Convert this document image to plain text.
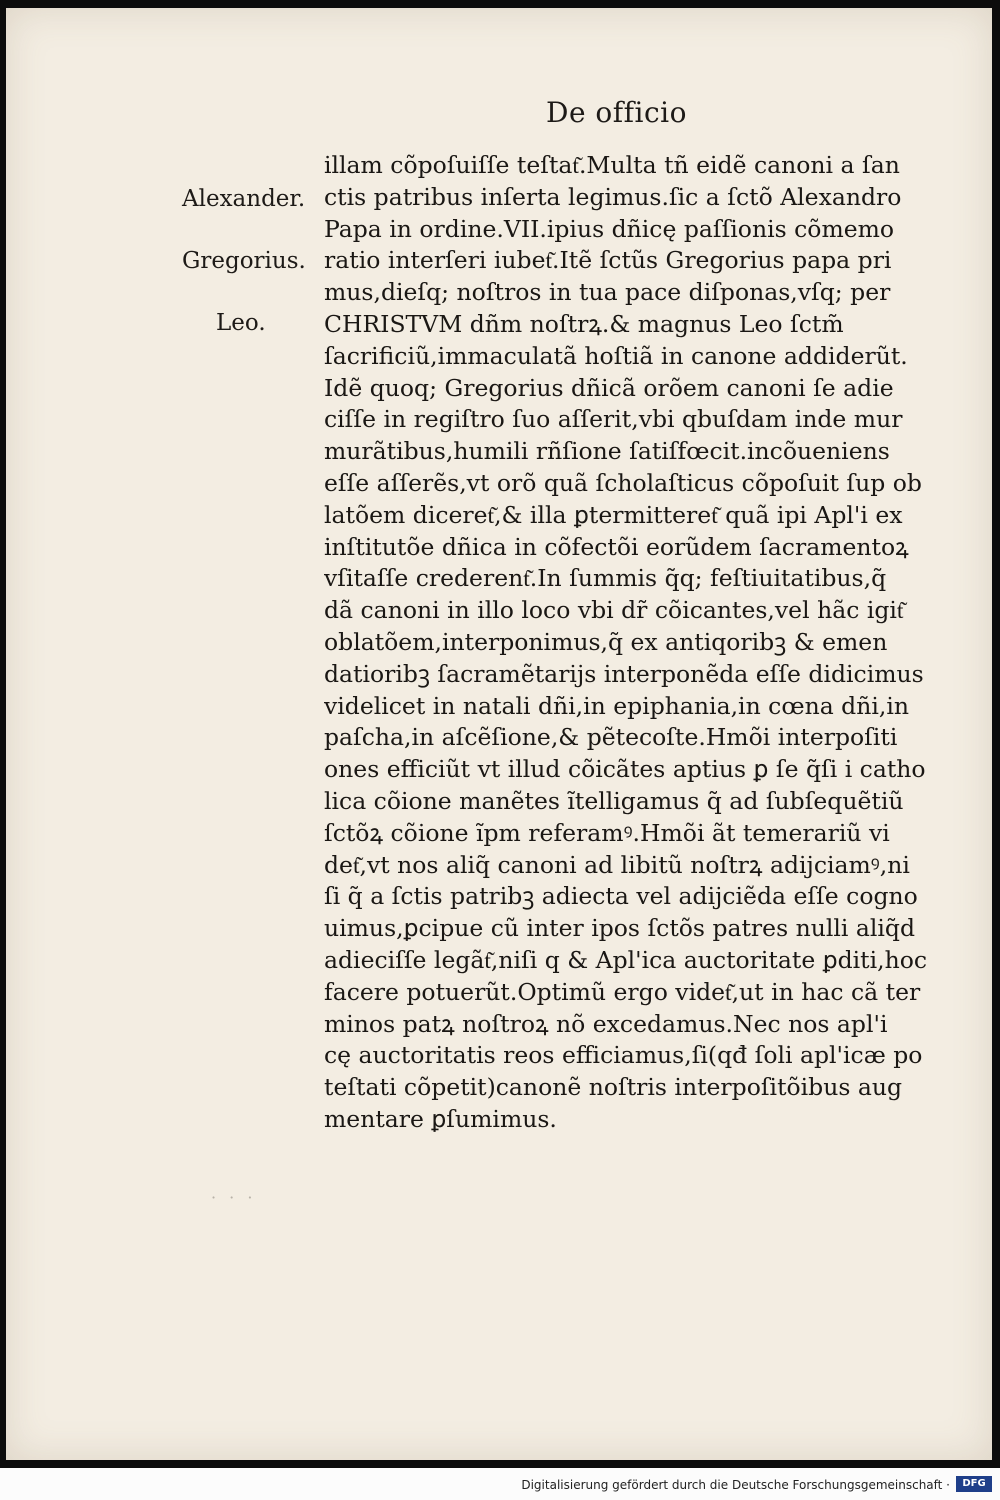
De officio

Alexander.

Gregorius.

Leo.

illam cõpoſuiſſe teſtat͂.Multa tñ eidẽ canoni a ſan
ctis patribus inſerta legimus.ſic a ſctõ Alexandro
Papa in ordine.VII.ipius dñicę paſſionis cõmemo
ratio interſeri iubet͂.Itẽ ſctũs Gregorius papa pri
mus,dieſq; noſtros in tua pace diſponas,vſq; per
CHRISTVM dñm noſtrꝝ.& magnus Leo ſctm̃
ſacrificiũ,immaculatã hoſtiã in canone addiderũt.
Idẽ quoq; Gregorius dñicã orõem canoni ſe adie
ciſſe in regiſtro ſuo aſſerit,vbi qbuſdam inde mur
murãtibus,humili rñſione ſatiſfœcit.incõueniens
eſſe aſſerẽs,vt orõ quã ſcholaſticus cõpoſuit ſup ob
latõem diceret͂,& illa ꝑtermitteret͂ quã ipi Apl'i ex
inſtitutõe dñica in cõfectõi eorũdem ſacramentoꝝ
vſitaſſe crederent͂.In ſummis q̃q; feſtiuitatibus,q̃
dã canoni in illo loco vbi dr̃ cõicantes,vel hãc igit͂
oblatõem,interponimus,q̃ ex antiqoribꝫ & emen
datioribꝫ ſacramẽtarijs interponẽda eſſe didicimus
videlicet in natali dñi,in epiphania,in cœna dñi,in
paſcha,in aſcẽſione,& pẽtecoſte.Hmõi interpoſiti
ones efficiũt vt illud cõicãtes aptius ꝑ ſe q̃ſi i catho
lica cõione manẽtes ĩtelligamus q̃ ad ſubſequẽtiũ
ſctõꝝ cõione ĩpm referamꝰ.Hmõi ãt temerariũ vi
det͂,vt nos aliq̃ canoni ad libitũ noſtrꝝ adijciamꝰ,ni
ſi q̃ a ſctis patribꝫ adiecta vel adijciẽda eſſe cogno
uimus,ꝑcipue cũ inter ipos ſctõs patres nulli aliq̃d
adieciſſe legãt͂,niſi q & Apl'ica auctoritate ꝑditi,hoc
facere potuerũt.Optimũ ergo videt͂,ut in hac cã ter
minos patꝝ noſtroꝝ nõ excedamus.Nec nos apl'i
cę auctoritatis reos efficiamus,ſi(qđ ſoli apl'icæ po
teſtati cõpetit)canonẽ noſtris interpoſitõibus aug
mentare ꝑſumimus.
· · ·
Digitalisierung gefördert durch die Deutsche Forschungsgemeinschaft ·	DFG
